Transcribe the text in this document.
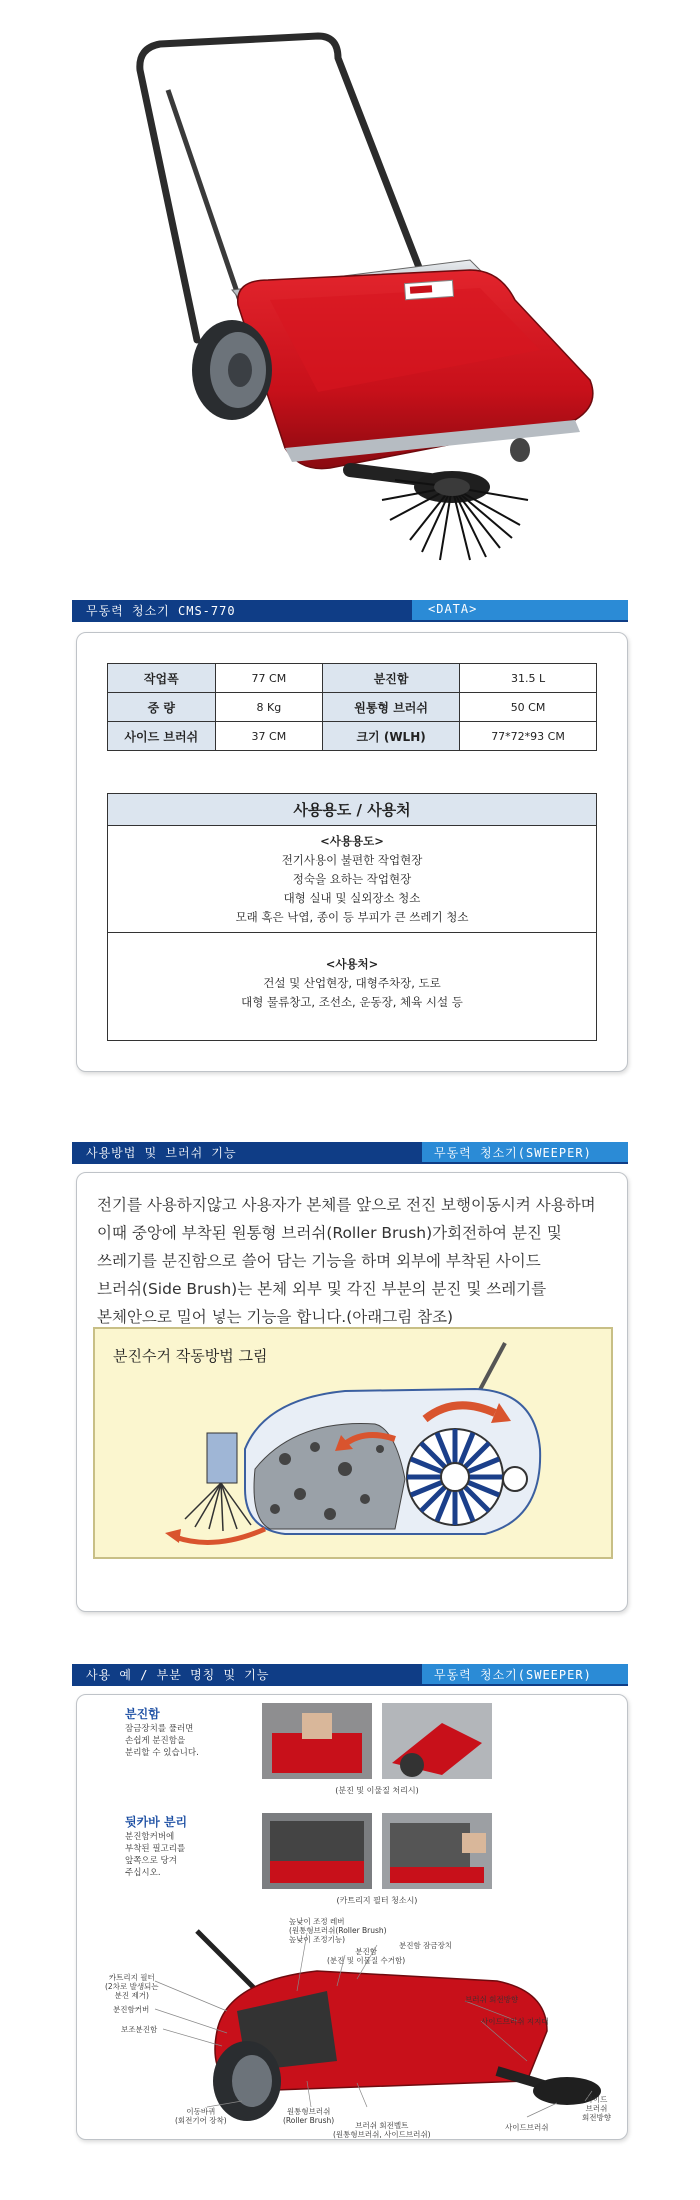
무동력 청소기 CMS-770	<DATA>
작업폭	77 CM	분진함	31.5 L
중 량	8 Kg	원통형 브러쉬	50 CM
사이드 브러쉬	37 CM	크기 (WLH)	77*72*93 CM
사용용도 / 사용처
<사용용도>
전기사용이 불편한 작업현장
정숙을 요하는 작업현장
대형 실내 및 실외장소 청소
모래 혹은 낙엽, 종이 등 부피가 큰 쓰레기 청소
<사용처>
건설 및 산업현장, 대형주차장, 도로
대형 물류창고, 조선소, 운동장, 체육 시설 등
사용방법 및 브러쉬 기능	무동력 청소기(SWEEPER)
전기를 사용하지않고 사용자가 본체를 앞으로 전진 보행이동시켜 사용하며
이때 중앙에 부착된 원통형 브러쉬(Roller Brush)가회전하여 분진 및
쓰레기를 분진함으로 쓸어 담는 기능을 하며 외부에 부착된 사이드
브러쉬(Side Brush)는 본체 외부 및 각진 부분의 분진 및 쓰레기를
본체안으로 밀어 넣는 기능을 합니다.(아래그림 참조)
분진수거 작동방법 그림
사용 예 / 부분 명칭 및 기능	무동력 청소기(SWEEPER)
분진함
잠금장치를 풀러면
손쉽게 분진함을
분리할 수 있습니다.
(분진 및 이물질 처리시)
뒷카바 분리
분진함커버에
부착된 필고리를
앞쪽으로 당겨
주십시오.
(카트리지 필터 청소시)
높낮이 조정 레버
(원통형브러쉬(Roller Brush)
높낮이 조정기능)
분진함
(분진 및 이물질 수거함)
분진함 잠금장치
카트리지 필터
(2차로 발생되는
분진 제거)
분진함커버
보조분진함
브러쉬 회전방향
사이드브러쉬 지지대
이동바퀴
(회전기어 장착)
원통형브러쉬
(Roller Brush)
브러쉬 회전벨트
(원통형브러쉬, 사이드브러쉬)
사이드브러쉬
사이드
브러쉬
회전방향
